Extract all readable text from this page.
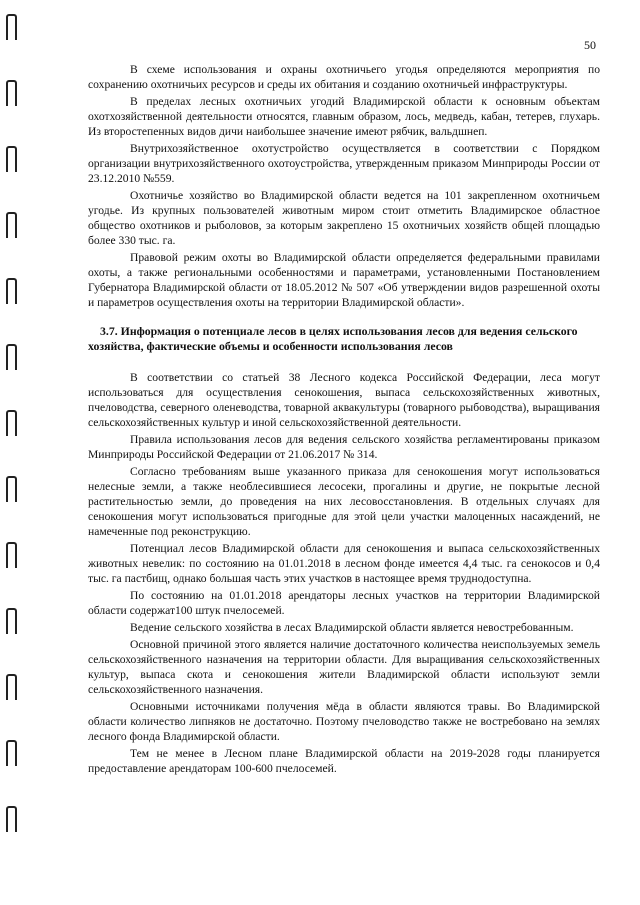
50

В схеме использования и охраны охотничьего угодья определяются мероприятия по сохранению охотничьих ресурсов и среды их обитания и созданию охотничьей инфраструктуры.

В пределах лесных охотничьих угодий Владимирской области к основным объектам охотхозяйственной деятельности относятся, главным образом, лось, медведь, кабан, тетерев, глухарь. Из второстепенных видов дичи наибольшее значение имеют рябчик, вальдшнеп.

Внутрихозяйственное охотустройство осуществляется в соответствии с Порядком организации внутрихозяйственного охотоустройства, утвержденным приказом Минприроды России от 23.12.2010 №559.

Охотничье хозяйство во Владимирской области ведется на 101 закрепленном охотничьем угодье. Из крупных пользователей животным миром стоит отметить Владимирское областное общество охотников и рыболовов, за которым закреплено 15 охотничьих хозяйств общей площадью более 330 тыс. га.

Правовой режим охоты во Владимирской области определяется федеральными правилами охоты, а также региональными особенностями и параметрами, установленными Постановлением Губернатора Владимирской области от 18.05.2012 № 507 «Об утверждении видов разрешенной охоты и параметров осуществления охоты на территории Владимирской области».

3.7. Информация о потенциале лесов в целях использования лесов для ведения сельского хозяйства, фактические объемы и особенности использования лесов

В соответствии со статьей 38 Лесного кодекса Российской Федерации, леса могут использоваться для осуществления сенокошения, выпаса сельскохозяйственных животных, пчеловодства, северного оленеводства, товарной аквакультуры (товарного рыбоводства), выращивания сельскохозяйственных культур и иной сельскохозяйственной деятельности.

Правила использования лесов для ведения сельского хозяйства регламентированы приказом Минприроды Российской Федерации от 21.06.2017 № 314.

Согласно требованиям выше указанного приказа для сенокошения могут использоваться нелесные земли, а также необлесившиеся лесосеки, прогалины и другие, не покрытые лесной растительностью земли, до проведения на них лесовосстановления. В отдельных случаях для сенокошения могут использоваться пригодные для этой цели участки малоценных насаждений, не намеченные под реконструкцию.

Потенциал лесов Владимирской области для сенокошения и выпаса сельскохозяйственных животных невелик: по состоянию на 01.01.2018 в лесном фонде имеется 4,4 тыс. га сенокосов и 0,4 тыс. га пастбищ, однако большая часть этих участков в настоящее время труднодоступна.

По состоянию на 01.01.2018 арендаторы лесных участков на территории Владимирской области содержат100 штук пчелосемей.

Ведение сельского хозяйства в лесах Владимирской области является невостребованным.

Основной причиной этого является наличие достаточного количества неиспользуемых земель сельскохозяйственного назначения на территории области. Для выращивания сельскохозяйственных культур, выпаса скота и сенокошения жители Владимирской области используют земли сельскохозяйственного назначения.

Основными источниками получения мёда в области являются травы. Во Владимирской области количество липняков не достаточно. Поэтому пчеловодство также не востребовано на землях лесного фонда Владимирской области.

Тем не менее в Лесном плане Владимирской области на 2019-2028 годы планируется предоставление арендаторам 100-600 пчелосемей.
